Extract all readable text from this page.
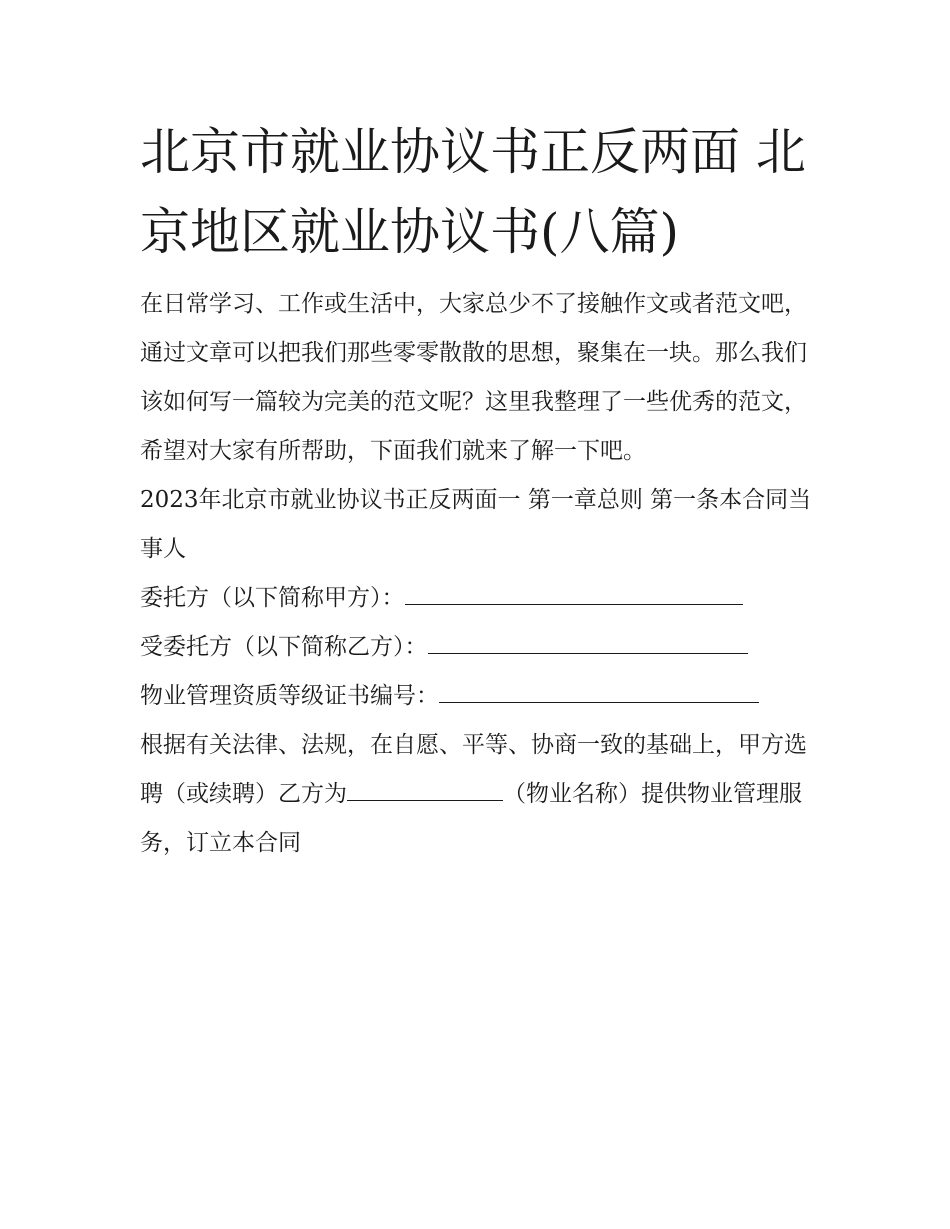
北京市就业协议书正反两面 北京地区就业协议书(八篇)

在日常学习、工作或生活中，大家总少不了接触作文或者范文吧，通过文章可以把我们那些零零散散的思想，聚集在一块。那么我们该如何写一篇较为完美的范文呢？这里我整理了一些优秀的范文，希望对大家有所帮助，下面我们就来了解一下吧。

2023年北京市就业协议书正反两面一 第一章总则 第一条本合同当事人

委托方（以下简称甲方）：

受委托方（以下简称乙方）：

物业管理资质等级证书编号：

根据有关法律、法规，在自愿、平等、协商一致的基础上，甲方选聘（或续聘）乙方为	（物业名称）提供物业管理服务，订立本合同
